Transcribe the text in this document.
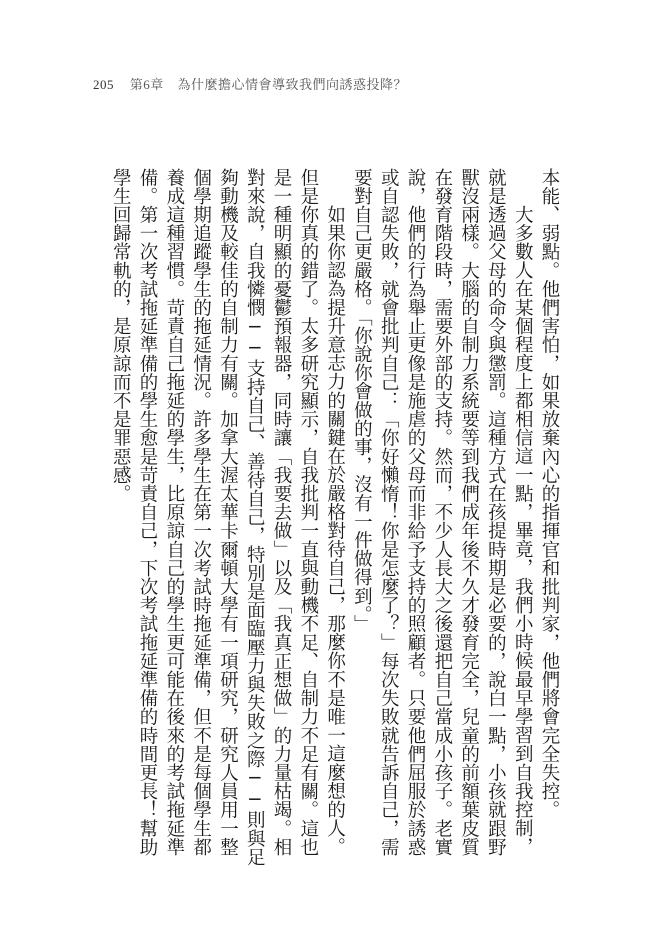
205 第6章 為什麼擔心情會導致我們向誘惑投降？

本能、弱點。他們害怕，如果放棄內心的指揮官和批判家，他們將會完全失控。

大多數人在某個程度上都相信這一點，畢竟，我們小時候最早學習到自我控制，就是透過父母的命令與懲罰。這種方式在孩提時期是必要的，說白一點，小孩就跟野獸沒兩樣。大腦的自制力系統要等到我們成年後不久才發育完全，兒童的前額葉皮質在發育階段時，需要外部的支持。然而，不少人長大之後還把自己當成小孩子。老實說，他們的行為舉止更像是施虐的父母而非給予支持的照顧者。只要他們屈服於誘惑或自認失敗，就會批判自己：「你好懶惰！你是怎麼了？」每次失敗就告訴自己，需要對自己更嚴格。「你說你會做的事，沒有一件做得到。」

如果你認為提升意志力的關鍵在於嚴格對待自己，那麼你不是唯一這麼想的人。但是你真的錯了。太多研究顯示，自我批判一直與動機不足、自制力不足有關。這也是一種明顯的憂鬱預報器，同時讓「我要去做」以及「我真正想做」的力量枯竭。相對來說，自我憐憫──支持自己、善待自己，特別是面臨壓力與失敗之際──則與足夠動機及較佳的自制力有關。加拿大渥太華卡爾頓大學有一項研究，研究人員用一整個學期追蹤學生的拖延情況。許多學生在第一次考試時拖延準備，但不是每個學生都養成這種習慣。苛責自己拖延的學生，比原諒自己的學生更可能在後來的考試拖延準備。第一次考試拖延準備的學生愈是苛責自己，下次考試拖延準備的時間更長！幫助學生回歸常軌的，是原諒而不是罪惡感。
